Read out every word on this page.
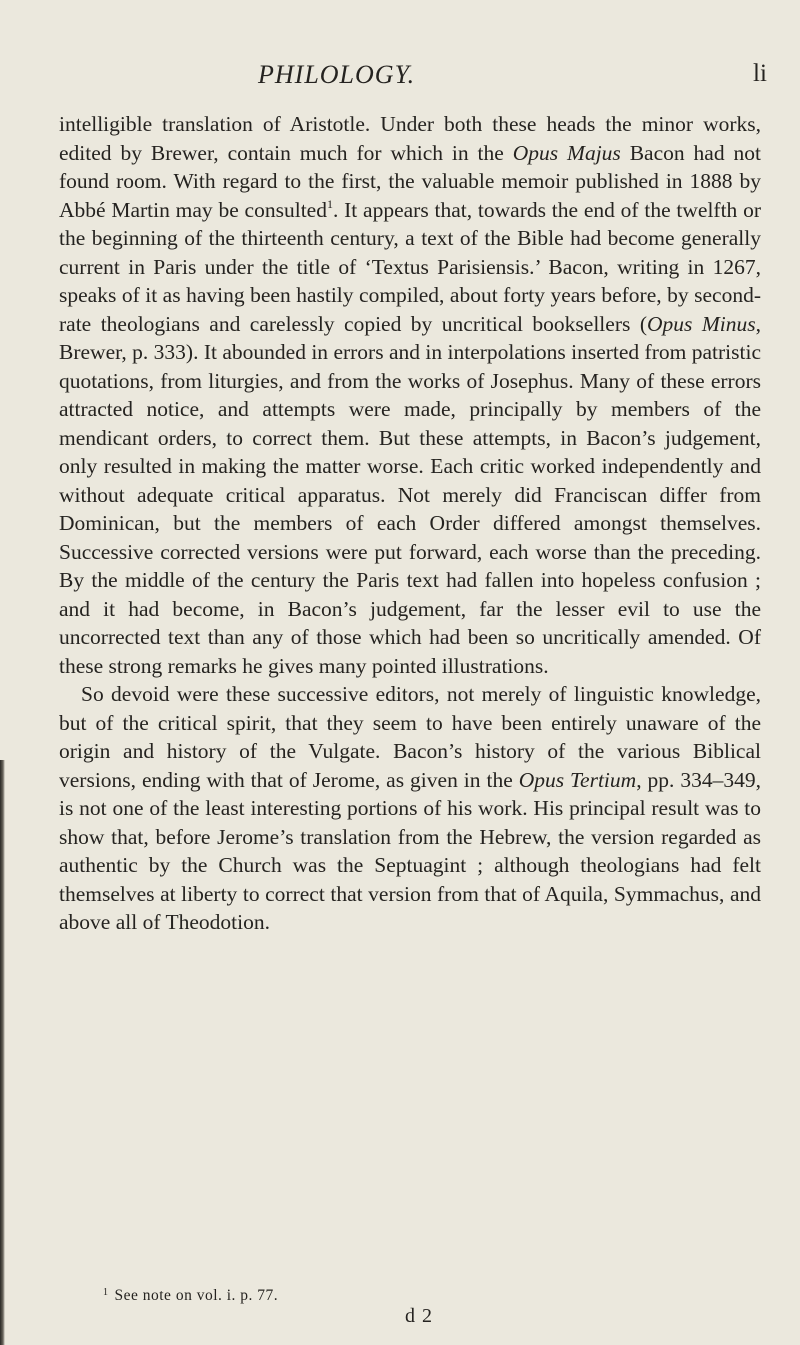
PHILOLOGY.	li

intelligible translation of Aristotle. Under both these heads the minor works, edited by Brewer, contain much for which in the Opus Majus Bacon had not found room. With regard to the first, the valuable memoir published in 1888 by Abbé Martin may be consulted$^1$. It appears that, towards the end of the twelfth or the beginning of the thirteenth century, a text of the Bible had become generally current in Paris under the title of ‘Textus Parisiensis.’ Bacon, writing in 1267, speaks of it as having been hastily compiled, about forty years before, by second-rate theologians and carelessly copied by uncritical booksellers (Opus Minus, Brewer, p. 333). It abounded in errors and in interpolations inserted from patristic quotations, from liturgies, and from the works of Josephus. Many of these errors attracted notice, and attempts were made, principally by members of the mendicant orders, to correct them. But these attempts, in Bacon’s judgement, only resulted in making the matter worse. Each critic worked independently and without adequate critical apparatus. Not merely did Franciscan differ from Dominican, but the members of each Order differed amongst themselves. Successive corrected versions were put forward, each worse than the preceding. By the middle of the century the Paris text had fallen into hopeless confusion ; and it had become, in Bacon’s judgement, far the lesser evil to use the uncorrected text than any of those which had been so uncritically amended. Of these strong remarks he gives many pointed illustrations.

So devoid were these successive editors, not merely of linguistic knowledge, but of the critical spirit, that they seem to have been entirely unaware of the origin and history of the Vulgate. Bacon’s history of the various Biblical versions, ending with that of Jerome, as given in the Opus Tertium, pp. 334–349, is not one of the least interesting portions of his work. His principal result was to show that, before Jerome’s translation from the Hebrew, the version regarded as authentic by the Church was the Septuagint ; although theologians had felt themselves at liberty to correct that version from that of Aquila, Symmachus, and above all of Theodotion.

$^1$ See note on vol. i. p. 77.
d 2
